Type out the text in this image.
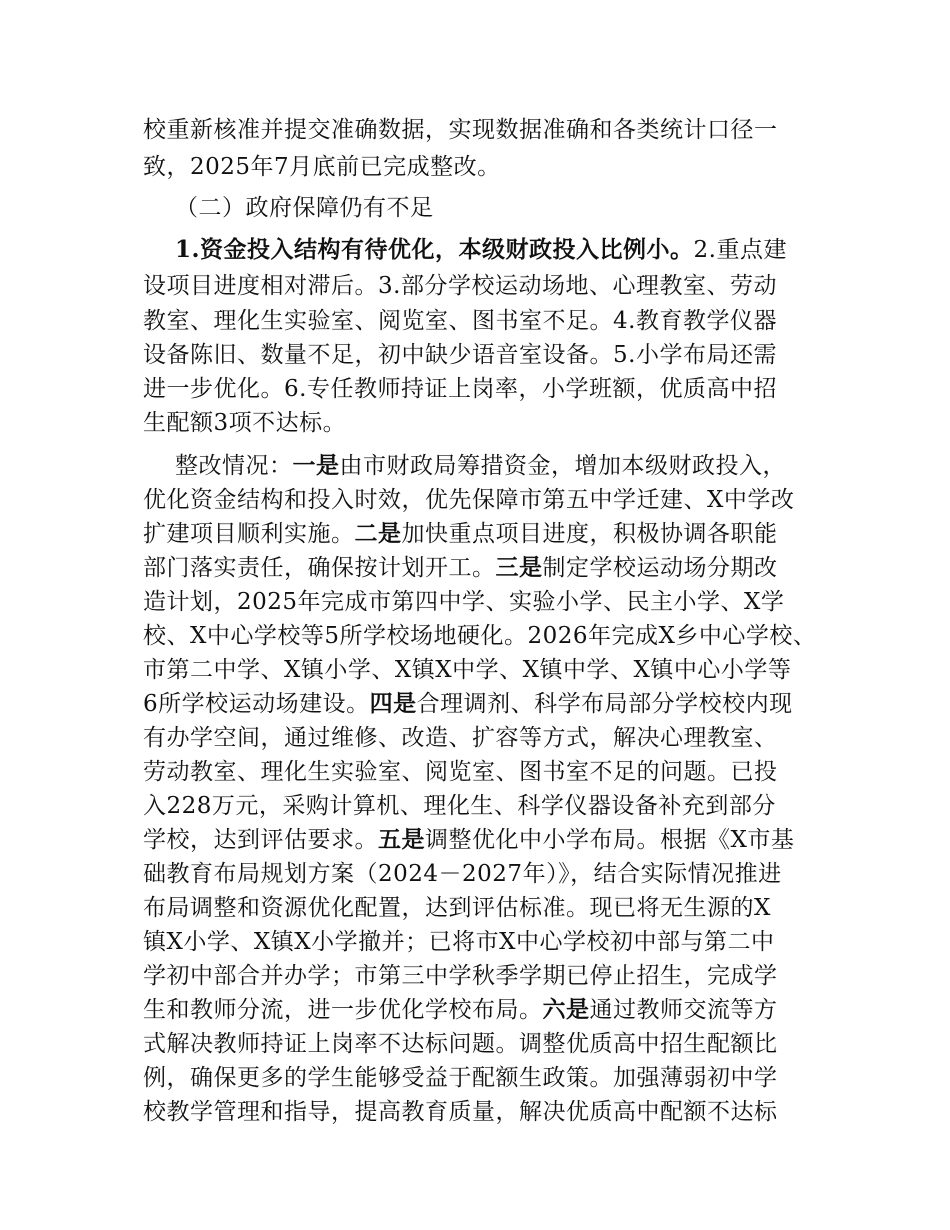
校重新核准并提交准确数据，实现数据准确和各类统计口径一
致，2025年7月底前已完成整改。
（二）政府保障仍有不足
1.资金投入结构有待优化，本级财政投入比例小。2.重点建
设项目进度相对滞后。3.部分学校运动场地、心理教室、劳动
教室、理化生实验室、阅览室、图书室不足。4.教育教学仪器
设备陈旧、数量不足，初中缺少语音室设备。5.小学布局还需
进一步优化。6.专任教师持证上岗率，小学班额，优质高中招
生配额3项不达标。
整改情况：一是由市财政局筹措资金，增加本级财政投入，
优化资金结构和投入时效，优先保障市第五中学迁建、X中学改
扩建项目顺利实施。二是加快重点项目进度，积极协调各职能
部门落实责任，确保按计划开工。三是制定学校运动场分期改
造计划，2025年完成市第四中学、实验小学、民主小学、X学
校、X中心学校等5所学校场地硬化。2026年完成X乡中心学校、
市第二中学、X镇小学、X镇X中学、X镇中学、X镇中心小学等
6所学校运动场建设。四是合理调剂、科学布局部分学校校内现
有办学空间，通过维修、改造、扩容等方式，解决心理教室、
劳动教室、理化生实验室、阅览室、图书室不足的问题。已投
入228万元，采购计算机、理化生、科学仪器设备补充到部分
学校，达到评估要求。五是调整优化中小学布局。根据《X市基
础教育布局规划方案（2024－2027年）》，结合实际情况推进
布局调整和资源优化配置，达到评估标准。现已将无生源的X
镇X小学、X镇X小学撤并；已将市X中心学校初中部与第二中
学初中部合并办学；市第三中学秋季学期已停止招生，完成学
生和教师分流，进一步优化学校布局。六是通过教师交流等方
式解决教师持证上岗率不达标问题。调整优质高中招生配额比
例，确保更多的学生能够受益于配额生政策。加强薄弱初中学
校教学管理和指导，提高教育质量，解决优质高中配额不达标
